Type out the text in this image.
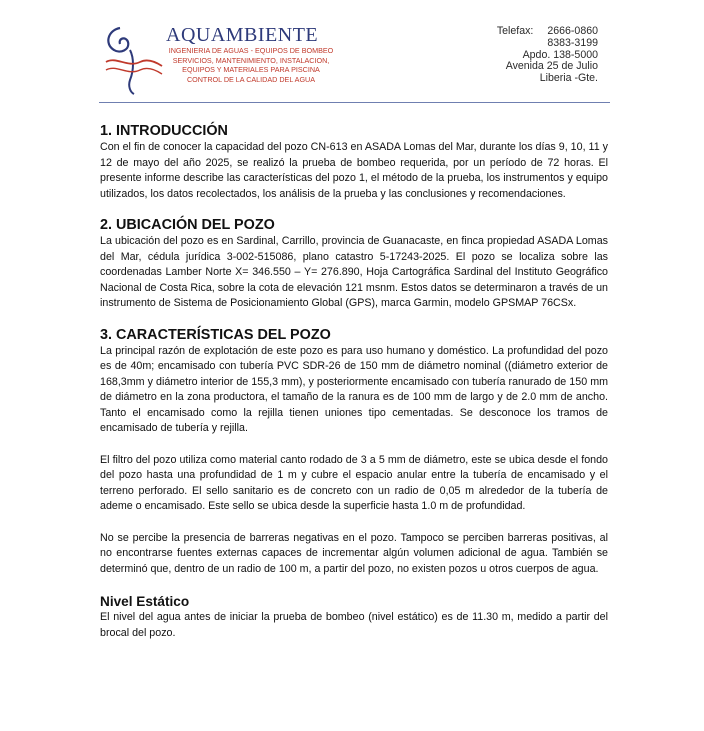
AQUAMBIENTE
INGENIERIA DE AGUAS - EQUIPOS DE BOMBEO
SERVICIOS, MANTENIMIENTO, INSTALACION,
EQUIPOS Y MATERIALES PARA PISCINA
CONTROL DE LA CALIDAD DEL AGUA
Telefax: 2666-0860
8383-3199
Apdo. 138-5000
Avenida 25 de Julio
Liberia -Gte.
1. INTRODUCCIÓN

Con el fin de conocer la capacidad del pozo CN-613 en ASADA Lomas del Mar, durante los días 9, 10, 11 y 12 de mayo del año 2025, se realizó la prueba de bombeo requerida, por un período de 72 horas. El presente informe describe las características del pozo 1, el método de la prueba, los instrumentos y equipo utilizados, los datos recolectados, los análisis de la prueba y las conclusiones y recomendaciones.

2. UBICACIÓN DEL POZO

La ubicación del pozo es en Sardinal, Carrillo, provincia de Guanacaste, en finca propiedad ASADA Lomas del Mar, cédula jurídica 3-002-515086, plano catastro 5-17243-2025. El pozo se localiza sobre las coordenadas Lamber Norte X= 346.550 – Y= 276.890, Hoja Cartográfica Sardinal del Instituto Geográfico Nacional de Costa Rica, sobre la cota de elevación 121 msnm. Estos datos se determinaron a través de un instrumento de Sistema de Posicionamiento Global (GPS), marca Garmin, modelo GPSMAP 76CSx.

3. CARACTERÍSTICAS DEL POZO

La principal razón de explotación de este pozo es para uso humano y doméstico. La profundidad del pozo es de 40m; encamisado con tubería PVC SDR-26 de 150 mm de diámetro nominal ((diámetro exterior de 168,3mm y diámetro interior de 155,3 mm), y posteriormente encamisado con tubería ranurado de 150 mm de diámetro en la zona productora, el tamaño de la ranura es de 100 mm de largo y de 2.0 mm de ancho. Tanto el encamisado como la rejilla tienen uniones tipo cementadas. Se desconoce los tramos de encamisado de tubería y rejilla.

El filtro del pozo utiliza como material canto rodado de 3 a 5 mm de diámetro, este se ubica desde el fondo del pozo hasta una profundidad de 1 m y cubre el espacio anular entre la tubería de encamisado y el terreno perforado. El sello sanitario es de concreto con un radio de 0,05 m alrededor de la tubería de ademe o encamisado. Este sello se ubica desde la superficie hasta 1.0 m de profundidad.

No se percibe la presencia de barreras negativas en el pozo. Tampoco se perciben barreras positivas, al no encontrarse fuentes externas capaces de incrementar algún volumen adicional de agua. También se determinó que, dentro de un radio de 100 m, a partir del pozo, no existen pozos u otros cuerpos de agua.

Nivel Estático

El nivel del agua antes de iniciar la prueba de bombeo (nivel estático) es de 11.30 m, medido a partir del brocal del pozo.
